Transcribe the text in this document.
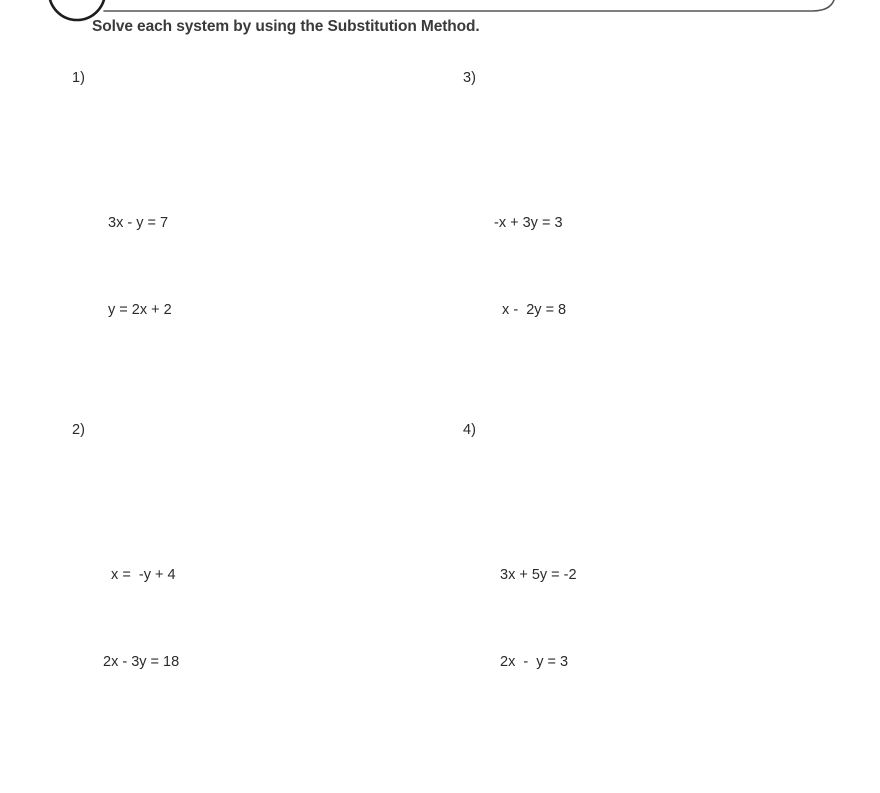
Solve each system by using the Substitution Method.

1)

3x - y = 7

y = 2x + 2

2)

x =  -y + 4

2x - 3y = 18

3)

-x + 3y = 3

x -  2y = 8

4)

3x + 5y = -2

2x  -  y = 3
